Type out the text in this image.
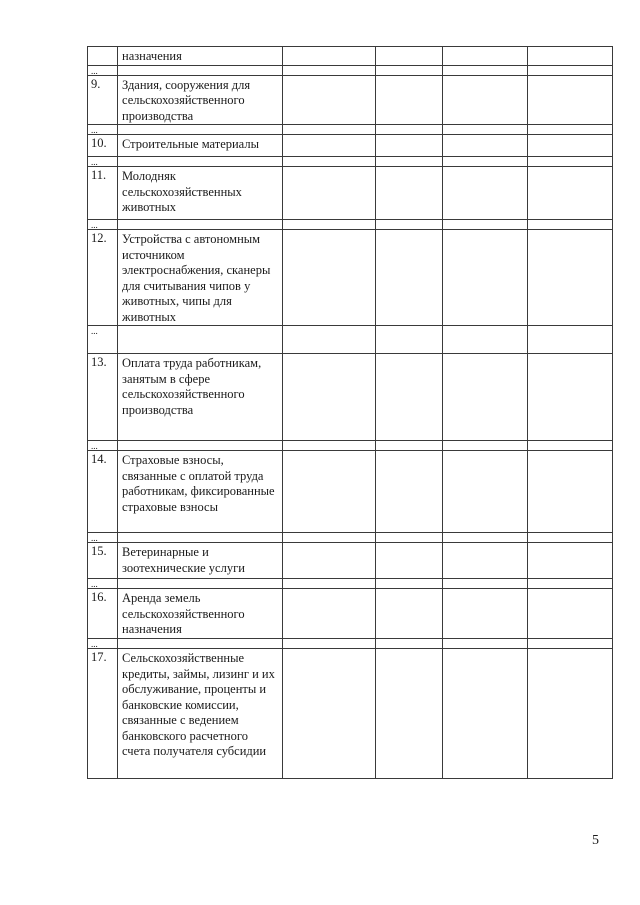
	назначения				
...					
9.	Здания, сооружения для сельскохозяйственного производства				
...					
10.	Строительные материалы				
...					
11.	Молодняк сельскохозяйственных животных				
...					
12.	Устройства с автономным источником электроснабжения, сканеры для считывания чипов у животных, чипы для животных				
...					
13.	Оплата труда работникам, занятым в сфере сельскохозяйственного производства				
...					
14.	Страховые взносы, связанные с оплатой труда работникам, фиксированные страховые взносы				
...					
15.	Ветеринарные и зоотехнические услуги				
...					
16.	Аренда земель сельскохозяйственного назначения				
...					
17.	Сельскохозяйственные кредиты, займы, лизинг и их обслуживание, проценты и банковские комиссии, связанные с ведением банковского расчетного счета получателя субсидии				
5
